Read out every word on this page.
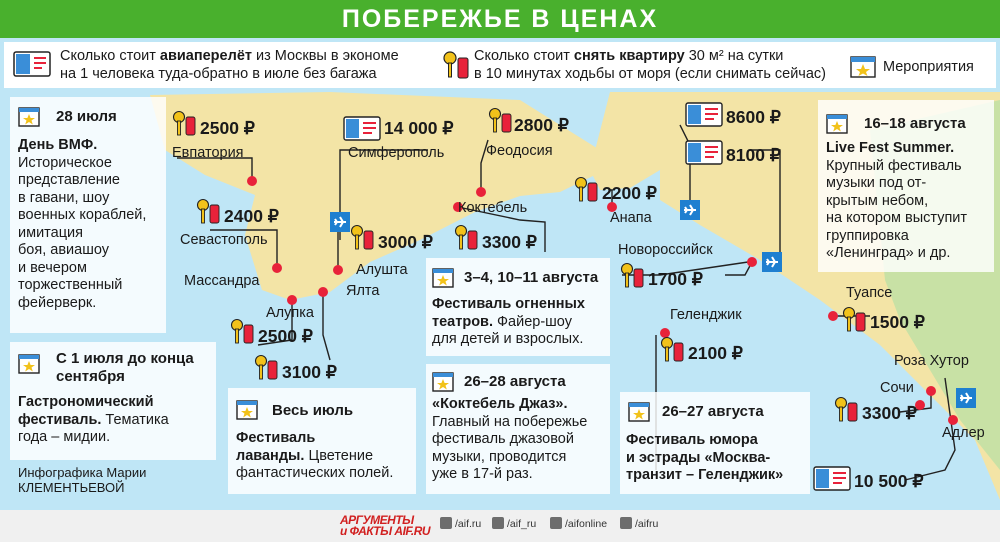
ПОБЕРЕЖЬЕ В ЦЕНАХ
Сколько стоит авиаперелёт из Москвы в экономе
на 1 человека туда-обратно в июле без багажа
Сколько стоит снять квартиру 30 м² на сутки
в 10 минутах ходьбы от моря (если снимать сейчас)	Мероприятия
28 июля
День ВМФ.
Историческое
представление
в гавани, шоу
военных кораблей,
имитация
боя, авиашоу
и вечером
торжественный
фейерверк.
С 1 июля до конца
сентября
Гастрономический
фестиваль. Тематика
года – мидии.
Инфографика Марии
КЛЕМЕНТЬЕВОЙ
Весь июль
Фестиваль
лаванды. Цветение
фантастических полей.
3–4, 10–11 августа
Фестиваль огненных
театров. Файер-шоу
для детей и взрослых.
26–28 августа
«Коктебель Джаз».
Главный на побережье
фестиваль джазовой
музыки, проводится
уже в 17-й раз.
26–27 августа
Фестиваль юмора
и эстрады «Москва-
транзит – Геленджик»
16–18 августа
Live Fest Summer.
Крупный фестиваль
музыки под от-
крытым небом,
на котором выступит
группировка
«Ленинград» и др.
Евпатория	Симферополь	Феодосия
Севастополь
Коктебель
Алушта
Массандра
Ялта
Алупка
Анапа
Новороссийск
Геленджик
Туапсе
Роза Хутор
Сочи
Адлер
2500 ₽	14 000 ₽	2800 ₽
2400 ₽
3000 ₽	3300 ₽
2500 ₽
3100 ₽
8600 ₽
8100 ₽
2200 ₽
1700 ₽
2100 ₽
1500 ₽
3300 ₽
10 500 ₽
АРГУМЕНТЫ
и ФАКТЫ AIF.RU	/aif.ru	/aif_ru	/aifonline	/aifru
